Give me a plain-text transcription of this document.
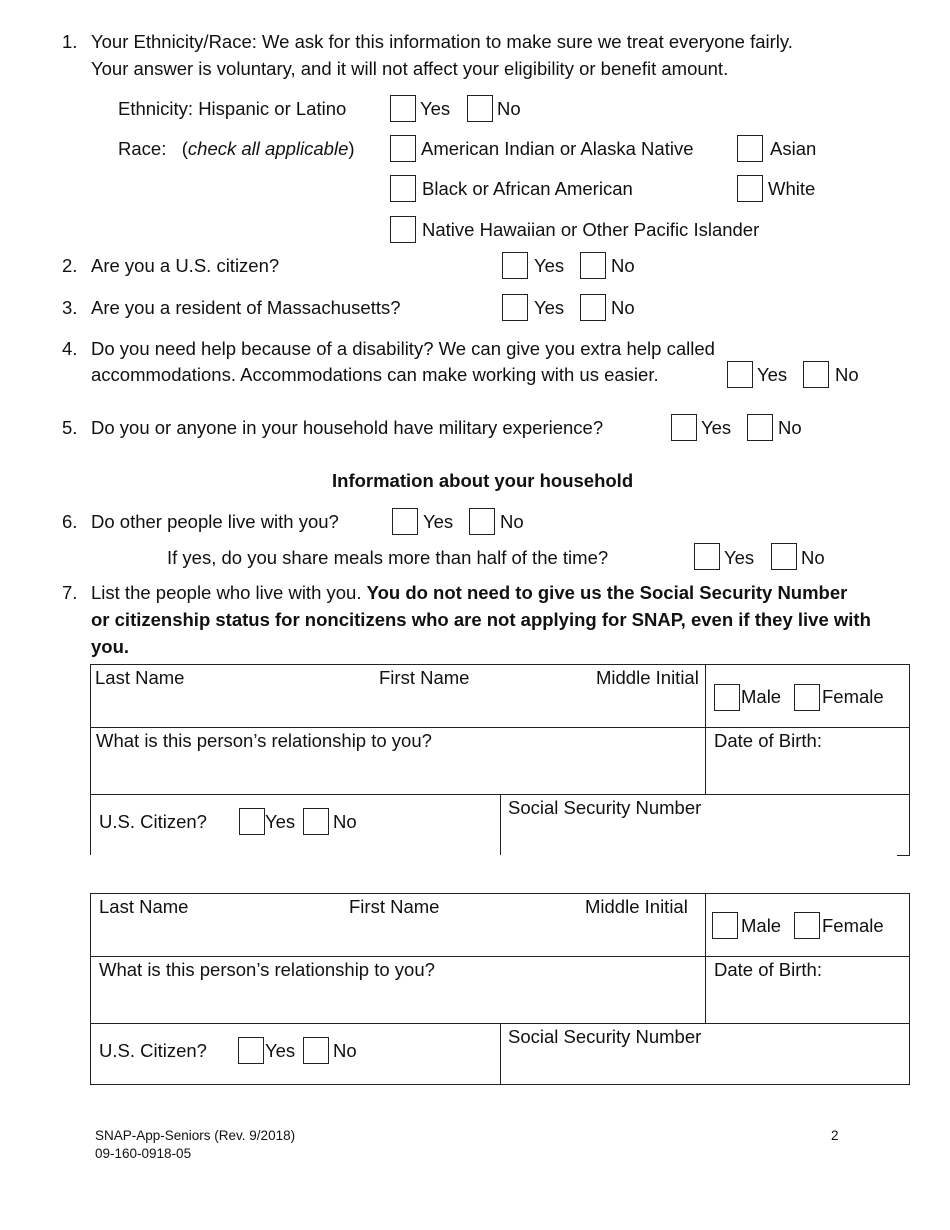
1. Your Ethnicity/Race: We ask for this information to make sure we treat everyone fairly.
Your answer is voluntary, and it will not affect your eligibility or benefit amount.
Ethnicity: Hispanic or Latino	Yes	No
Race: (check all applicable)	American Indian or Alaska Native	Asian
Black or African American	White
Native Hawaiian or Other Pacific Islander
2. Are you a U.S. citizen?	Yes	No
3. Are you a resident of Massachusetts?	Yes	No
4. Do you need help because of a disability? We can give you extra help called
accommodations. Accommodations can make working with us easier.	Yes	No
5. Do you or anyone in your household have military experience?	Yes	No
Information about your household
6. Do other people live with you?	Yes	No
If yes, do you share meals more than half of the time?	Yes	No
7. List the people who live with you. You do not need to give us the Social Security Number
or citizenship status for noncitizens who are not applying for SNAP, even if they live with
you.
Last Name	First Name	Middle Initial
Male Female
What is this person’s relationship to you?	Date of Birth:
U.S. Citizen?	Yes No
Social Security Number
Last Name	First Name	Middle Initial
Male Female
What is this person’s relationship to you?	Date of Birth:
U.S. Citizen?	Yes No
Social Security Number
SNAP-App-Seniors (Rev. 9/2018)
09-160-0918-05
2
